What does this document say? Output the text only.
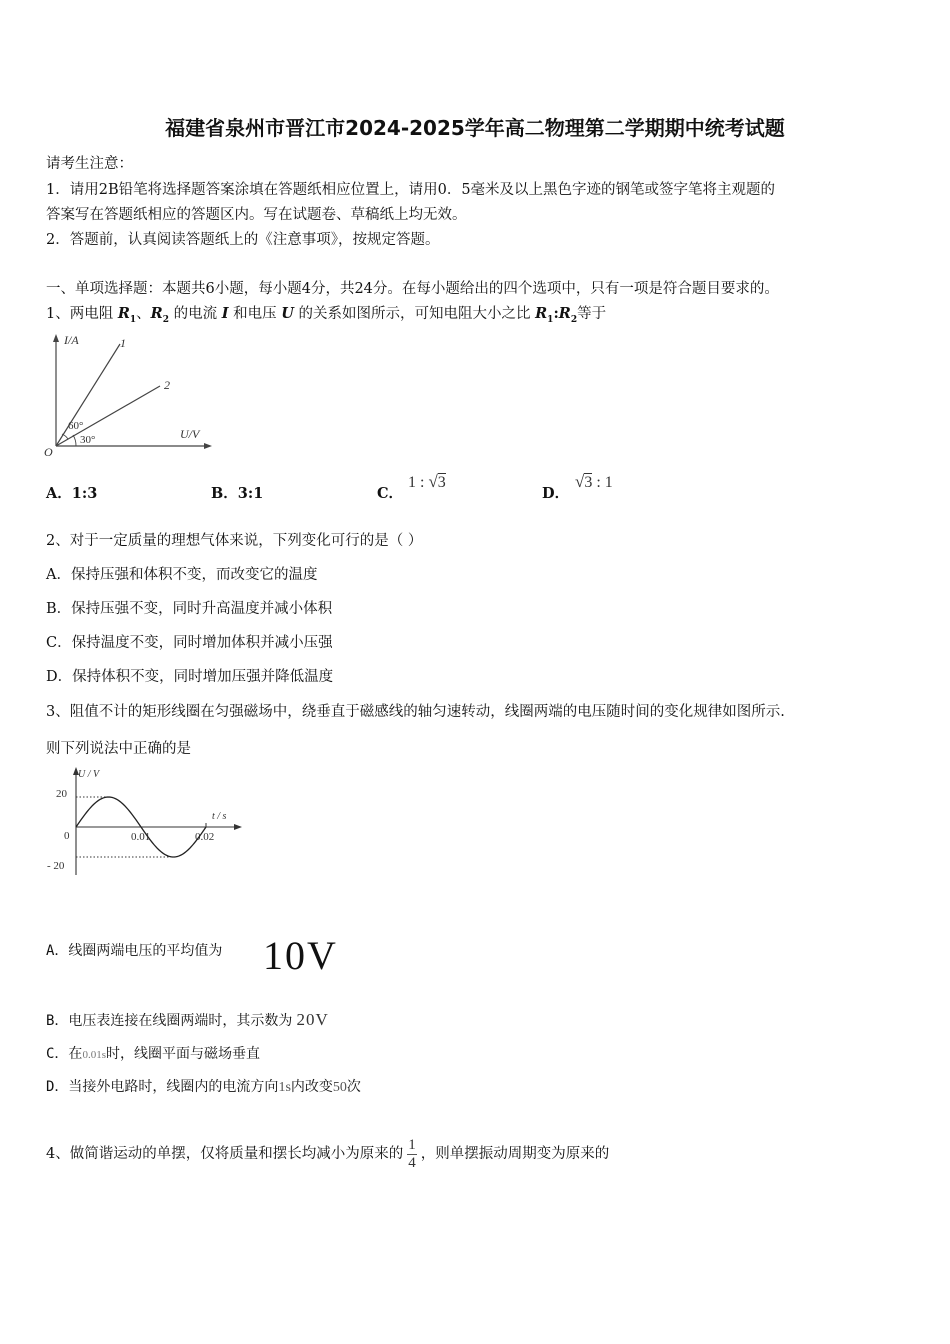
福建省泉州市晋江市2024-2025学年高二物理第二学期期中统考试题
请考生注意：
1．请用2B铅笔将选择题答案涂填在答题纸相应位置上，请用0．5毫米及以上黑色字迹的钢笔或签字笔将主观题的
答案写在答题纸相应的答题区内。写在试题卷、草稿纸上均无效。
2．答题前，认真阅读答题纸上的《注意事项》，按规定答题。
一、单项选择题：本题共6小题，每小题4分，共24分。在每小题给出的四个选项中，只有一项是符合题目要求的。
1、两电阻 $R_1$、$R_2$ 的电流 I 和电压 U 的关系如图所示，可知电阻大小之比 $R_1:R_2$等于
I/A
U/V
O
1
2
60°
30°
A．1:3	B．3:1	C．
1 : √3
D．
√3 : 1
2、对于一定质量的理想气体来说，下列变化可行的是（ ）
A．保持压强和体积不变，而改变它的温度
B．保持压强不变，同时升高温度并减小体积
C．保持温度不变，同时增加体积并减小压强
D．保持体积不变，同时增加压强并降低温度
3、阻值不计的矩形线圈在匀强磁场中，绕垂直于磁感线的轴匀速转动，线圈两端的电压随时间的变化规律如图所示.
则下列说法中正确的是
U / V
t / s
0
20
- 20
0.01	0.02
A．线圈两端电压的平均值为 10V
B．电压表连接在线圈两端时，其示数为 20V
C．在0.01s时，线圈平面与磁场垂直
D．当接外电路时，线圈内的电流方向1s内改变50次
4、做简谐运动的单摆，仅将质量和摆长均减小为原来的 $\frac{1}{4}$ ，则单摆振动周期变为原来的
